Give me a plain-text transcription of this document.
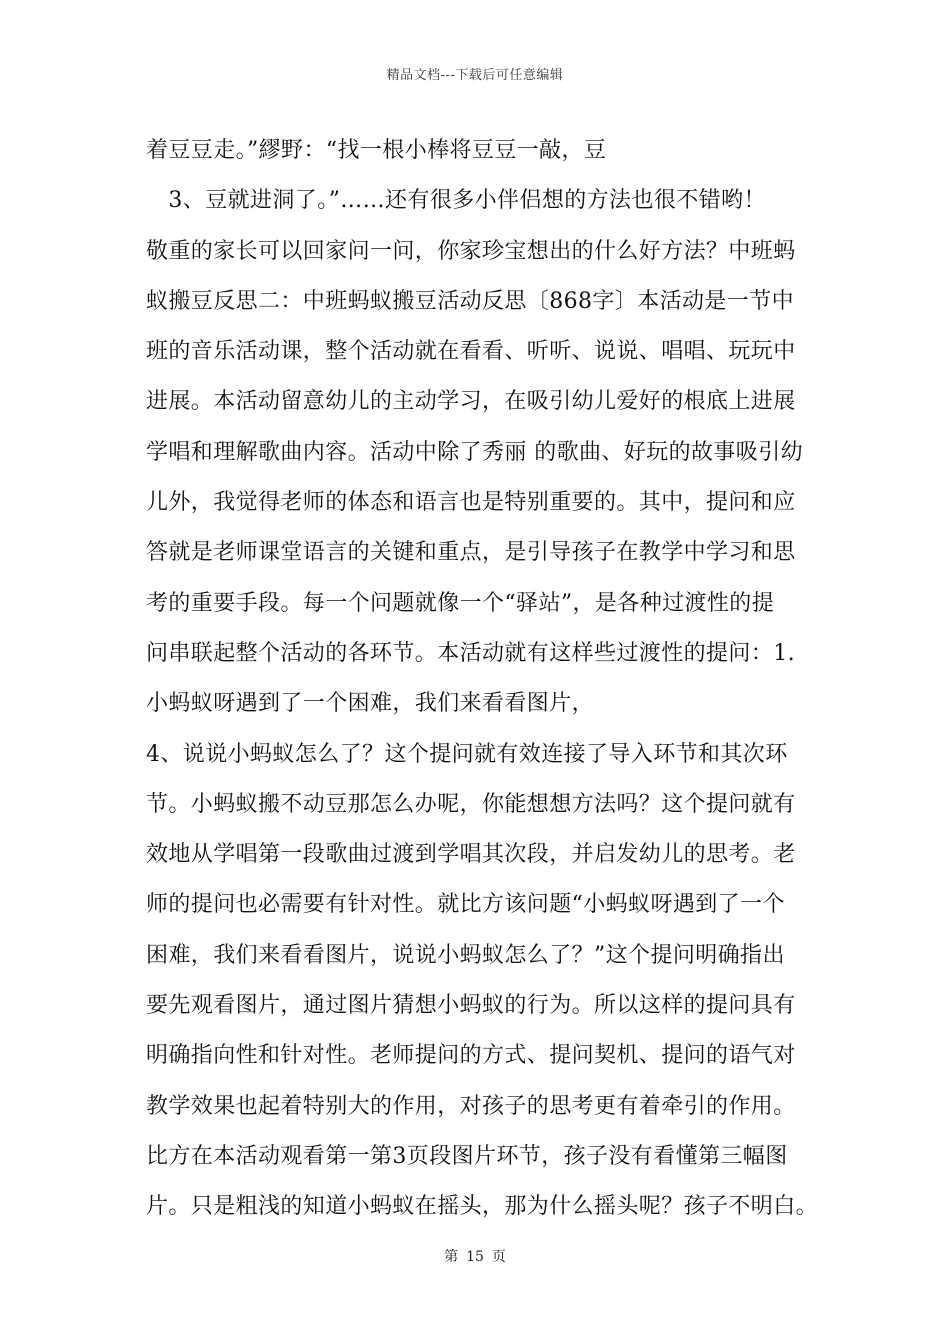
精品文档---下载后可任意编辑
着豆豆走。”繆野：“找一根小棒将豆豆一敲，豆
　3、豆就进洞了。”……还有很多小伴侣想的方法也很不错哟！
敬重的家长可以回家问一问，你家珍宝想出的什么好方法？中班蚂
蚁搬豆反思二：中班蚂蚁搬豆活动反思〔868字〕本活动是一节中
班的音乐活动课，整个活动就在看看、听听、说说、唱唱、玩玩中
进展。本活动留意幼儿的主动学习，在吸引幼儿爱好的根底上进展
学唱和理解歌曲内容。活动中除了秀丽 的歌曲、好玩的故事吸引幼
儿外，我觉得老师的体态和语言也是特别重要的。其中，提问和应
答就是老师课堂语言的关键和重点，是引导孩子在教学中学习和思
考的重要手段。每一个问题就像一个“驿站”，是各种过渡性的提
问串联起整个活动的各环节。本活动就有这样些过渡性的提问：1.
小蚂蚁呀遇到了一个困难，我们来看看图片，
4、说说小蚂蚁怎么了？这个提问就有效连接了导入环节和其次环
节。小蚂蚁搬不动豆那怎么办呢，你能想想方法吗？这个提问就有
效地从学唱第一段歌曲过渡到学唱其次段，并启发幼儿的思考。老
师的提问也必需要有针对性。就比方该问题“小蚂蚁呀遇到了一个
困难，我们来看看图片，说说小蚂蚁怎么了？”这个提问明确指出
要先观看图片，通过图片猜想小蚂蚁的行为。所以这样的提问具有
明确指向性和针对性。老师提问的方式、提问契机、提问的语气对
教学效果也起着特别大的作用，对孩子的思考更有着牵引的作用。
比方在本活动观看第一第3页段图片环节，孩子没有看懂第三幅图
片。只是粗浅的知道小蚂蚁在摇头，那为什么摇头呢？孩子不明白。
第 15 页
